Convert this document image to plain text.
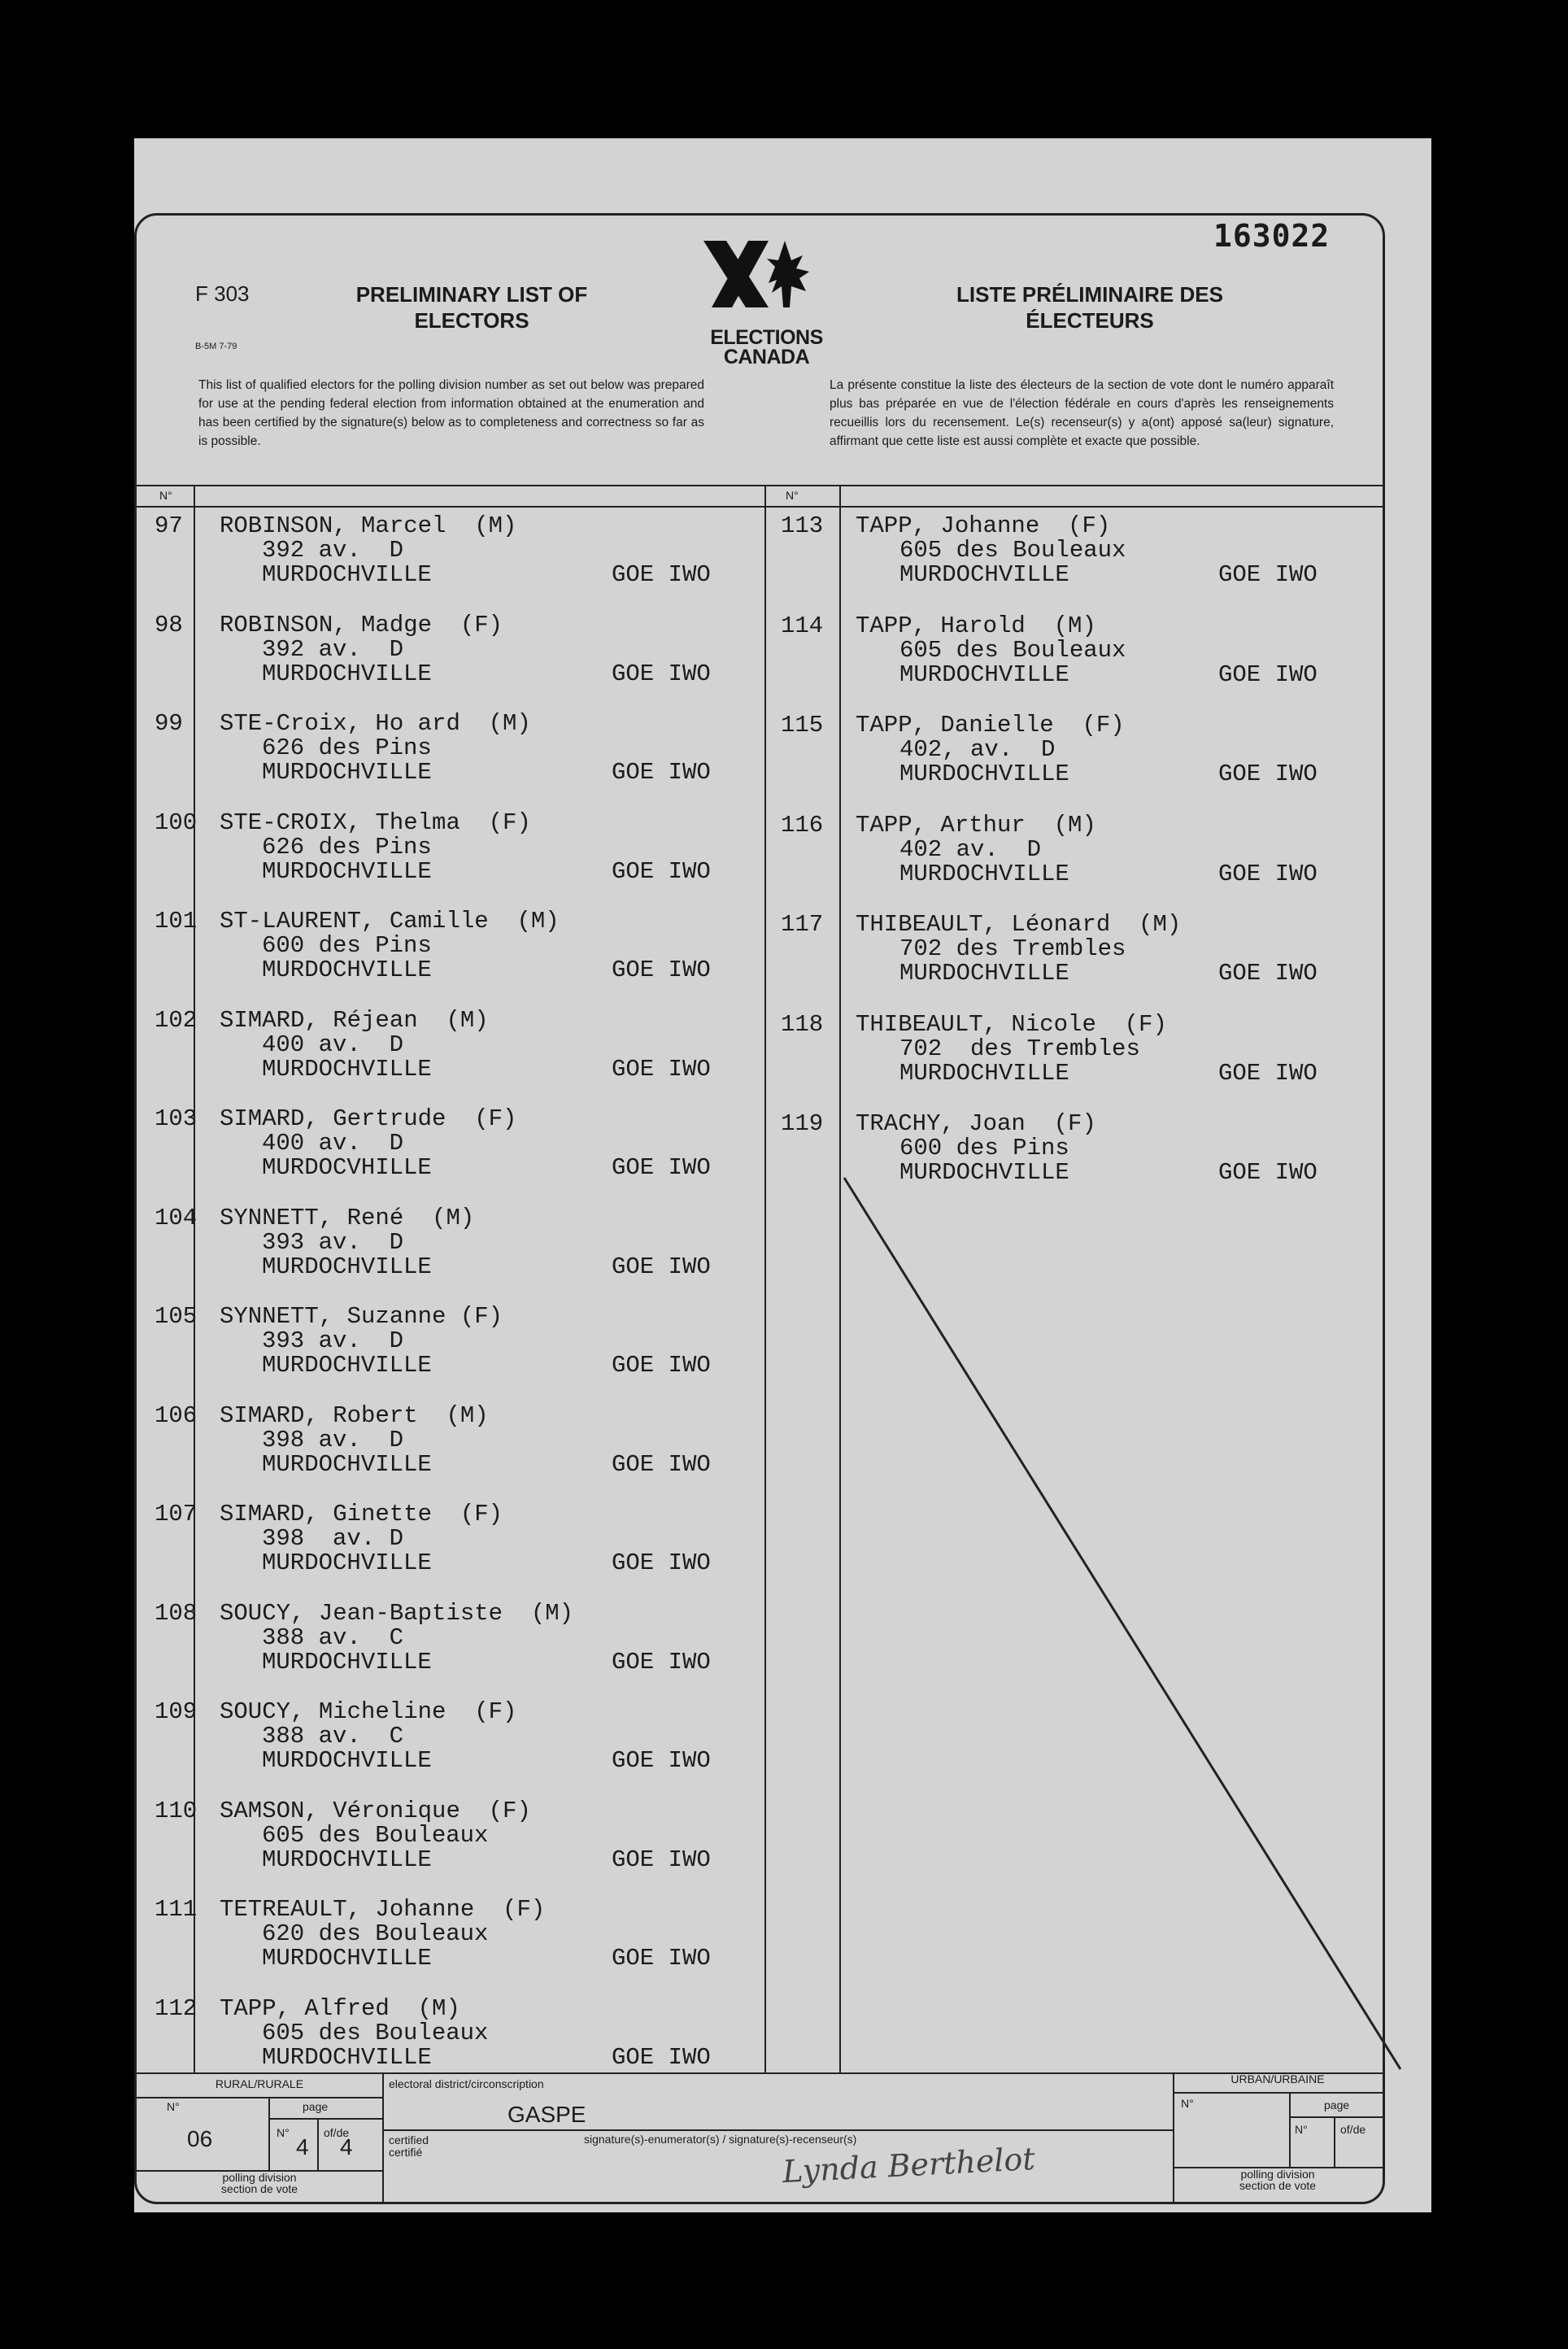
163022
F 303
B-5M 7-79
PRELIMINARY LIST OF
ELECTORS
ELECTIONS
CANADA
LISTE PRÉLIMINAIRE DES
ÉLECTEURS
This list of qualified electors for the polling division number as set out below was prepared for use at the pending federal election from information obtained at the enumeration and has been certified by the signature(s) below as to completeness and correctness so far as is possible.
La présente constitue la liste des électeurs de la section de vote dont le numéro apparaît plus bas préparée en vue de l'élection fédérale en cours d'après les renseignements recueillis lors du recensement. Le(s) recenseur(s) y a(ont) apposé sa(leur) signature, affirmant que cette liste est aussi complète et exacte que possible.
N°	N°
97 ROBINSON, Marcel  (M)
392 av.  D
MURDOCHVILLE	GOE IWO
98 ROBINSON, Madge  (F)
392 av.  D
MURDOCHVILLE	GOE IWO
99 STE-Croix, Ho ard  (M)
626 des Pins
MURDOCHVILLE	GOE IWO
100 STE-CROIX, Thelma  (F)
626 des Pins
MURDOCHVILLE	GOE IWO
101 ST-LAURENT, Camille  (M)
600 des Pins
MURDOCHVILLE	GOE IWO
102 SIMARD, Réjean  (M)
400 av.  D
MURDOCHVILLE	GOE IWO
103 SIMARD, Gertrude  (F)
400 av.  D
MURDOCVHILLE	GOE IWO
104 SYNNETT, René  (M)
393 av.  D
MURDOCHVILLE	GOE IWO
105 SYNNETT, Suzanne (F)
393 av.  D
MURDOCHVILLE	GOE IWO
106 SIMARD, Robert  (M)
398 av.  D
MURDOCHVILLE	GOE IWO
107 SIMARD, Ginette  (F)
398  av. D
MURDOCHVILLE	GOE IWO
108 SOUCY, Jean-Baptiste  (M)
388 av.  C
MURDOCHVILLE	GOE IWO
109 SOUCY, Micheline  (F)
388 av.  C
MURDOCHVILLE	GOE IWO
110 SAMSON, Véronique  (F)
605 des Bouleaux
MURDOCHVILLE	GOE IWO
111 TETREAULT, Johanne  (F)
620 des Bouleaux
MURDOCHVILLE	GOE IWO
112 TAPP, Alfred  (M)
605 des Bouleaux
MURDOCHVILLE	GOE IWO
113 TAPP, Johanne  (F)
605 des Bouleaux
MURDOCHVILLE	GOE IWO
114 TAPP, Harold  (M)
605 des Bouleaux
MURDOCHVILLE	GOE IWO
115 TAPP, Danielle  (F)
402, av.  D
MURDOCHVILLE	GOE IWO
116 TAPP, Arthur  (M)
402 av.  D
MURDOCHVILLE	GOE IWO
117 THIBEAULT, Léonard  (M)
702 des Trembles
MURDOCHVILLE	GOE IWO
118 THIBEAULT, Nicole  (F)
702  des Trembles
MURDOCHVILLE	GOE IWO
119 TRACHY, Joan  (F)
600 des Pins
MURDOCHVILLE	GOE IWO
RURAL/RURALE
N°	page
06	N°
4
of/de
4
polling division
section de vote
electoral district/circonscription
GASPE
certified
certifié
signature(s)-enumerator(s) / signature(s)-recenseur(s)
Lynda Berthelot
URBAN/URBAINE
N°	page
N°	of/de
polling division
section de vote
